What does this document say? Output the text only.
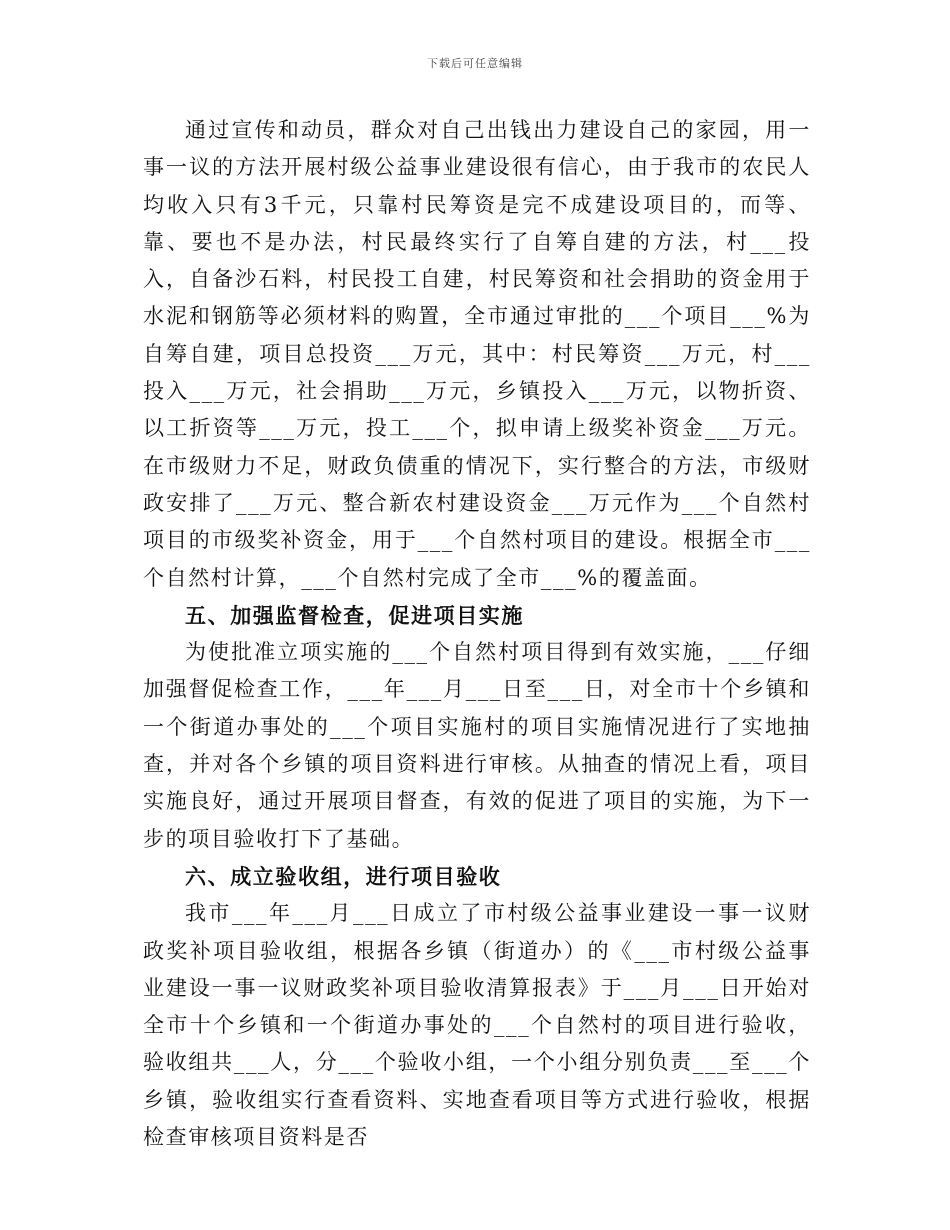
下载后可任意编辑

通过宣传和动员，群众对自己出钱出力建设自己的家园，用一事一议的方法开展村级公益事业建设很有信心，由于我市的农民人均收入只有3千元，只靠村民筹资是完不成建设项目的，而等、靠、要也不是办法，村民最终实行了自筹自建的方法，村___投入，自备沙石料，村民投工自建，村民筹资和社会捐助的资金用于水泥和钢筋等必须材料的购置，全市通过审批的___个项目___%为自筹自建，项目总投资___万元，其中：村民筹资___万元，村___投入___万元，社会捐助___万元，乡镇投入___万元，以物折资、以工折资等___万元，投工___个，拟申请上级奖补资金___万元。在市级财力不足，财政负债重的情况下，实行整合的方法，市级财政安排了___万元、整合新农村建设资金___万元作为___个自然村项目的市级奖补资金，用于___个自然村项目的建设。根据全市___个自然村计算，___个自然村完成了全市___%的覆盖面。

五、加强监督检查，促进项目实施

为使批准立项实施的___个自然村项目得到有效实施，___仔细加强督促检查工作，___年___月___日至___日，对全市十个乡镇和一个街道办事处的___个项目实施村的项目实施情况进行了实地抽查，并对各个乡镇的项目资料进行审核。从抽查的情况上看，项目实施良好，通过开展项目督查，有效的促进了项目的实施，为下一步的项目验收打下了基础。

六、成立验收组，进行项目验收

我市___年___月___日成立了市村级公益事业建设一事一议财政奖补项目验收组，根据各乡镇（街道办）的《___市村级公益事业建设一事一议财政奖补项目验收清算报表》于___月___日开始对全市十个乡镇和一个街道办事处的___个自然村的项目进行验收，验收组共___人，分___个验收小组，一个小组分别负责___至___个乡镇，验收组实行查看资料、实地查看项目等方式进行验收，根据检查审核项目资料是否
